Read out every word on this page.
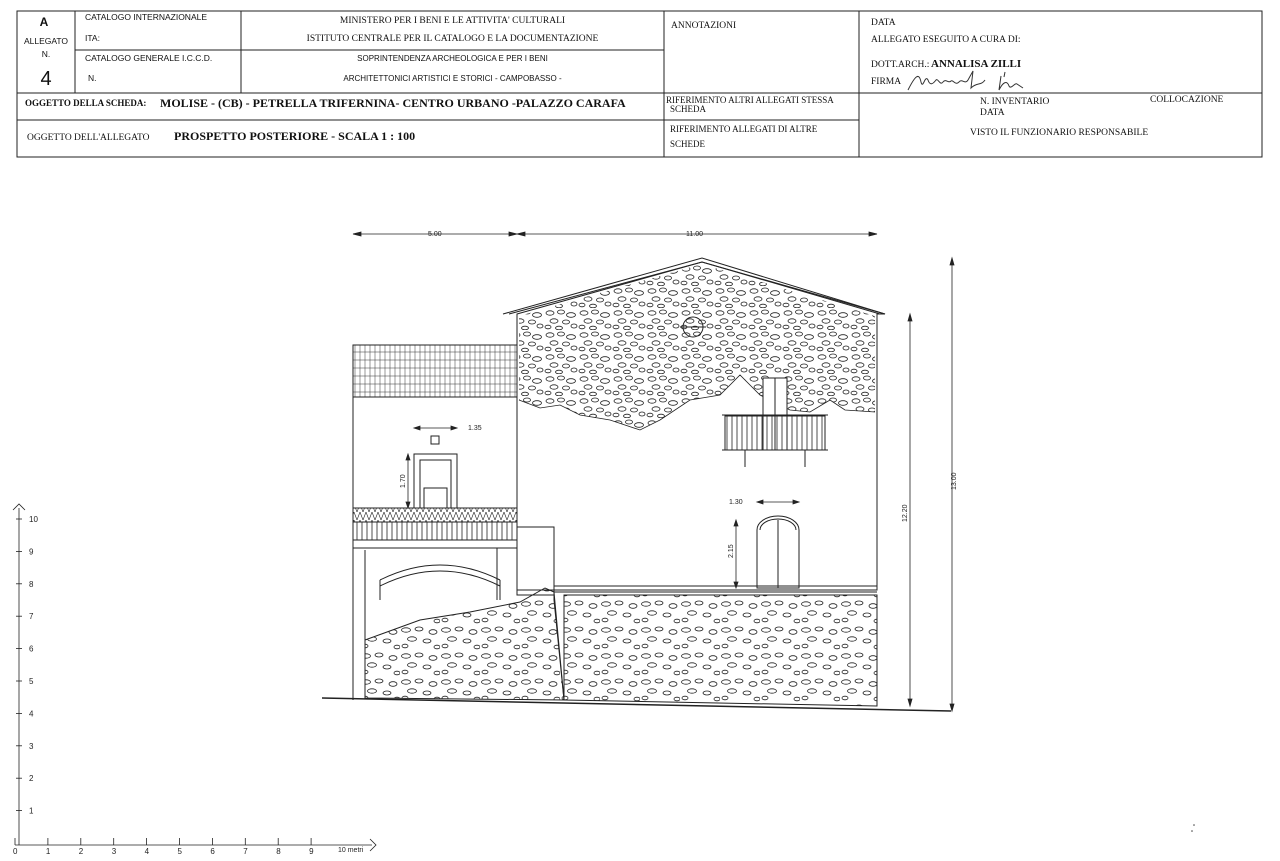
A
ALLEGATO
N.
4
CATALOGO INTERNAZIONALE
ITA:
CATALOGO GENERALE I.C.C.D.
N.
MINISTERO PER I BENI E LE ATTIVITA' CULTURALI
ISTITUTO CENTRALE PER IL CATALOGO E LA DOCUMENTAZIONE
SOPRINTENDENZA ARCHEOLOGICA E PER I BENI
ARCHITETTONICI ARTISTICI E STORICI - CAMPOBASSO -
ANNOTAZIONI	DATA
ALLEGATO ESEGUITO A CURA DI:
DOTT.ARCH.: ANNALISA ZILLI
FIRMA
OGGETTO DELLA SCHEDA: MOLISE - (CB) - PETRELLA TRIFERNINA- CENTRO URBANO -PALAZZO CARAFA	RIFERIMENTO ALTRI ALLEGATI STESSA
SCHEDA
N. INVENTARIO	COLLOCAZIONE
DATA
OGGETTO DELL'ALLEGATO PROSPETTO POSTERIORE - SCALA 1 : 100	RIFERIMENTO ALLEGATI DI ALTRE
SCHEDE
VISTO IL FUNZIONARIO RESPONSABILE
5.00	11.00
1.35
1.70
1.30
2.15
12.20
13.00
10
9
8
7
6
5
4
3
2
1
0	1	2	3	4	5	6	7	8	9	10 metri
